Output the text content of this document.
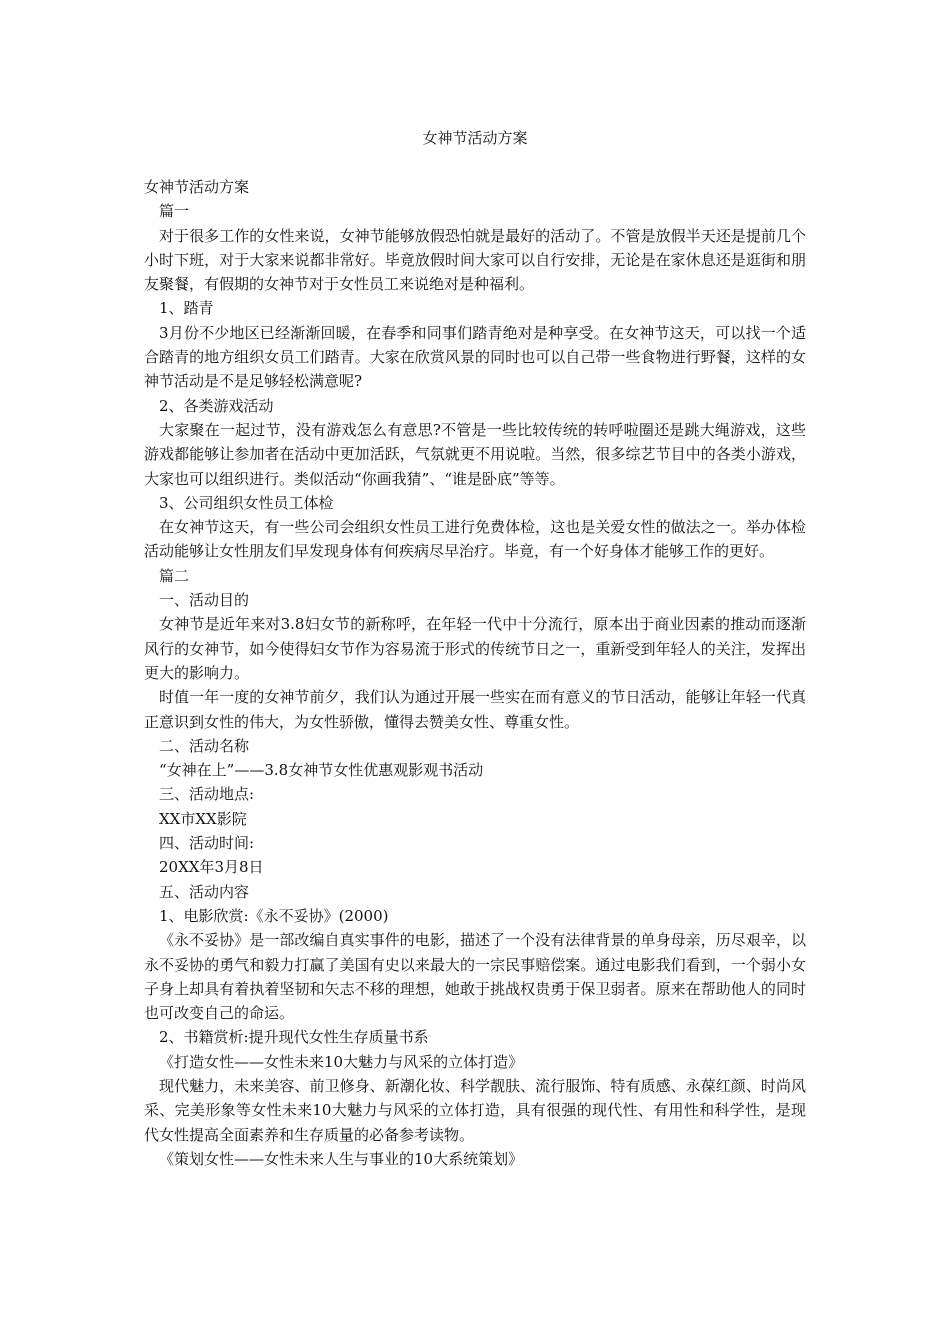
女神节活动方案

女神节活动方案

篇一

对于很多工作的女性来说，女神节能够放假恐怕就是最好的活动了。不管是放假半天还是提前几个小时下班，对于大家来说都非常好。毕竟放假时间大家可以自行安排，无论是在家休息还是逛街和朋友聚餐，有假期的女神节对于女性员工来说绝对是种福利。

1、踏青

3月份不少地区已经渐渐回暖，在春季和同事们踏青绝对是种享受。在女神节这天，可以找一个适合踏青的地方组织女员工们踏青。大家在欣赏风景的同时也可以自己带一些食物进行野餐，这样的女神节活动是不是足够轻松满意呢?

2、各类游戏活动

大家聚在一起过节，没有游戏怎么有意思?不管是一些比较传统的转呼啦圈还是跳大绳游戏，这些游戏都能够让参加者在活动中更加活跃，气氛就更不用说啦。当然，很多综艺节目中的各类小游戏，大家也可以组织进行。类似活动“你画我猜”、“谁是卧底”等等。

3、公司组织女性员工体检

在女神节这天，有一些公司会组织女性员工进行免费体检，这也是关爱女性的做法之一。举办体检活动能够让女性朋友们早发现身体有何疾病尽早治疗。毕竟，有一个好身体才能够工作的更好。

篇二

一、活动目的

女神节是近年来对3.8妇女节的新称呼，在年轻一代中十分流行，原本出于商业因素的推动而逐渐风行的女神节，如今使得妇女节作为容易流于形式的传统节日之一，重新受到年轻人的关注，发挥出更大的影响力。

时值一年一度的女神节前夕，我们认为通过开展一些实在而有意义的节日活动，能够让年轻一代真正意识到女性的伟大，为女性骄傲，懂得去赞美女性、尊重女性。

二、活动名称

“女神在上”——3.8女神节女性优惠观影观书活动

三、活动地点:

XX市XX影院

四、活动时间:

20XX年3月8日

五、活动内容

1、电影欣赏:《永不妥协》(2000)

《永不妥协》是一部改编自真实事件的电影，描述了一个没有法律背景的单身母亲，历尽艰辛，以永不妥协的勇气和毅力打赢了美国有史以来最大的一宗民事赔偿案。通过电影我们看到，一个弱小女子身上却具有着执着坚韧和矢志不移的理想，她敢于挑战权贵勇于保卫弱者。原来在帮助他人的同时也可改变自己的命运。

2、书籍赏析:提升现代女性生存质量书系

《打造女性——女性未来10大魅力与风采的立体打造》

现代魅力，未来美容、前卫修身、新潮化妆、科学靓肤、流行服饰、特有质感、永葆红颜、时尚风采、完美形象等女性未来10大魅力与风采的立体打造，具有很强的现代性、有用性和科学性，是现代女性提高全面素养和生存质量的必备参考读物。

《策划女性——女性未来人生与事业的10大系统策划》
